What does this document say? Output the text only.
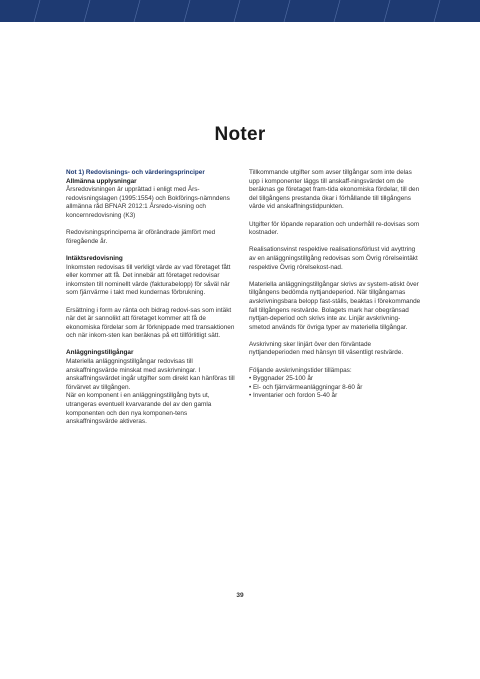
Noter
Not 1) Redovisnings- och värderingsprinciper
Allmänna upplysningar

Årsredovisningen är upprättad i enligt med Års-redovisningslagen (1995:1554) och Bokförings-nämndens allmänna råd BFNAR 2012:1 Årsredo-visning och koncernredovisning (K3)

Redovisningsprinciperna är oförändrade jämfört med föregående år.

Intäktsredovisning

Inkomsten redovisas till verkligt värde av vad företaget fått eller kommer att få. Det innebär att företaget redovisar inkomsten till nominellt värde (fakturabelopp) för såväl när som fjärrvärme i takt med kundernas förbrukning.

Ersättning i form av ränta och bidrag redovi-sas som intäkt när det är sannolikt att företaget kommer att få de ekonomiska fördelar som är förknippade med transaktionen och när inkom-sten kan beräknas på ett tillförlitligt sätt.

Anläggningstillgångar

Materiella anläggningstillgångar redovisas till anskaffningsvärde minskat med avskrivningar. I anskaffningsvärdet ingår utgifter som direkt kan hänföras till förvärvet av tillgången.

När en komponent i en anläggningstillgång byts ut, utrangeras eventuell kvarvarande del av den gamla komponenten och den nya komponen-tens anskaffningsvärde aktiveras.

Tillkommande utgifter som avser tillgångar som inte delas upp i komponenter läggs till anskaff-ningsvärdet om de beräknas ge företaget fram-tida ekonomiska fördelar, till den del tillgångens prestanda ökar i förhållande till tillgångens värde vid anskaffningstidpunkten.

Utgifter för löpande reparation och underhåll re-dovisas som kostnader.

Realisationsvinst respektive realisationsförlust vid avyttring av en anläggningstillgång redovisas som Övrig rörelseintäkt respektive Övrig rörelsekost-nad.

Materiella anläggningstillgångar skrivs av system-atiskt över tillgångens bedömda nyttjandeperiod. När tillgångarnas avskrivningsbara belopp fast-ställs, beaktas i förekommande fall tillgångens restvärde. Bolagets mark har obegränsad nyttjan-deperiod och skrivs inte av. Linjär avskrivning-smetod används för övriga typer av materiella tillgångar.

Avskrivning sker linjärt över den förväntade nyttjandeperioden med hänsyn till väsentligt restvärde.

Följande avskrivningstider tillämpas:

• Byggnader 25-100 år
• El- och fjärrvärmeanläggningar 8-60 år
• Inventarier och fordon 5-40 år
39
